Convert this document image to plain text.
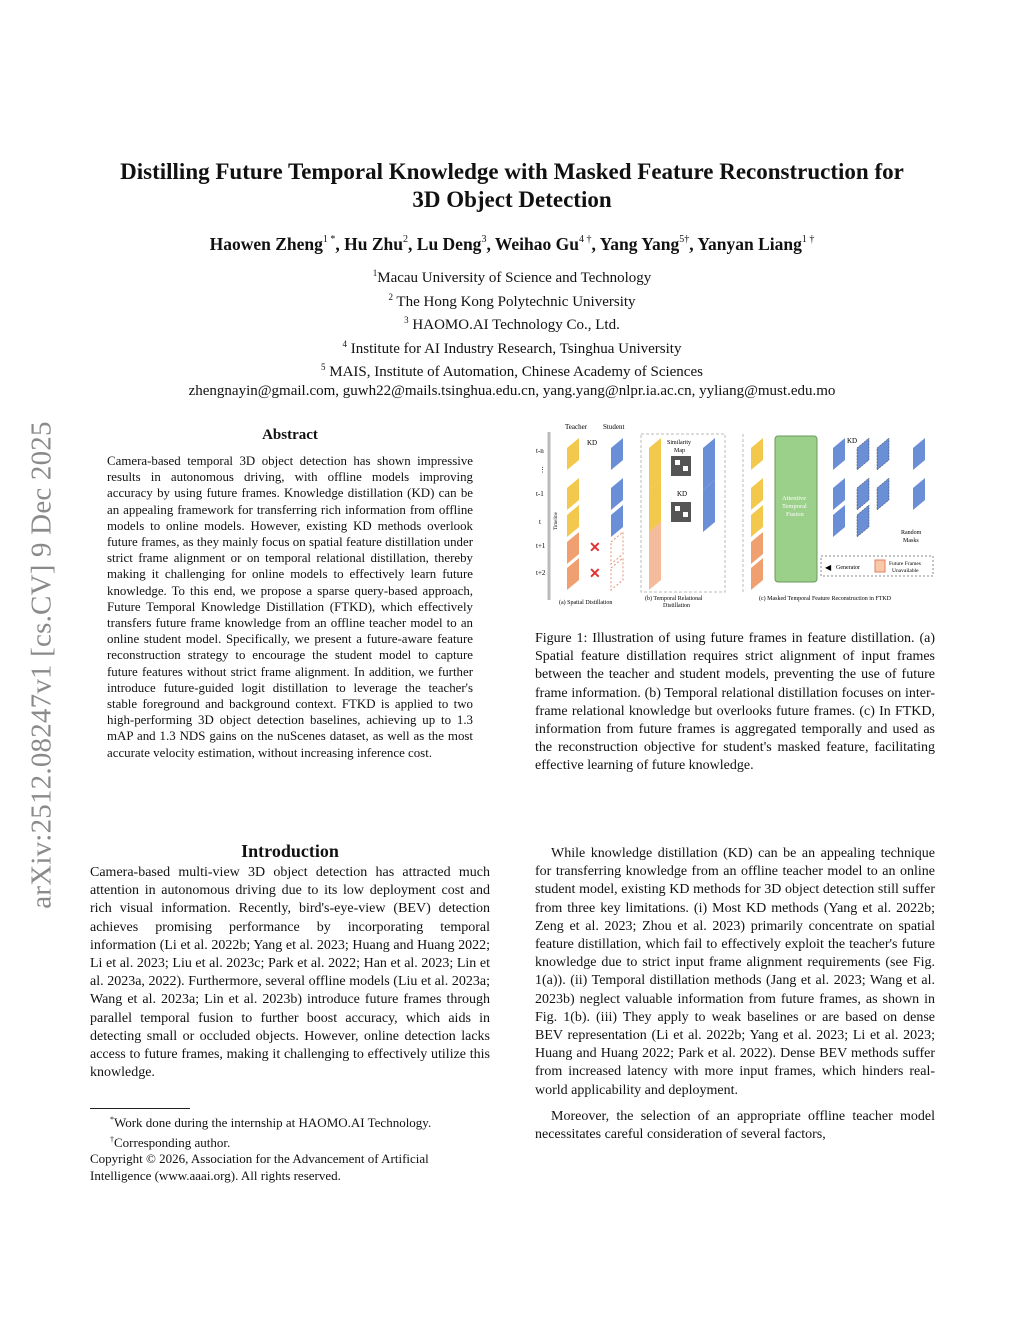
arXiv:2512.08247v1 [cs.CV] 9 Dec 2025
Distilling Future Temporal Knowledge with Masked Feature Reconstruction for
3D Object Detection
Haowen Zheng$^{1 *}$, Hu Zhu$^2$, Lu Deng$^3$, Weihao $Gu^{4 \dagger}$, Yang Yang$^{5\dagger}$, Yanyan Liang$^{1 \dagger}$
$^1$Macau University of Science and Technology
$^2$ The Hong Kong Polytechnic University
$^3$ HAOMO.AI Technology Co., Ltd.
$^4$ Institute for AI Industry Research, Tsinghua University
$^5$ MAIS, Institute of Automation, Chinese Academy of Sciences
zhengnayin@gmail.com, guwh22@mails.tsinghua.edu.cn, yang.yang@nlpr.ia.ac.cn, yyliang@must.edu.mo
Abstract
Camera-based temporal 3D object detection has shown impressive results in autonomous driving, with offline models improving accuracy by using future frames. Knowledge distillation (KD) can be an appealing framework for transferring rich information from offline models to online models. However, existing KD methods overlook future frames, as they mainly focus on spatial feature distillation under strict frame alignment or on temporal relational distillation, thereby making it challenging for online models to effectively learn future knowledge. To this end, we propose a sparse query-based approach, Future Temporal Knowledge Distillation (FTKD), which effectively transfers future frame knowledge from an offline teacher model to an online student model. Specifically, we present a future-aware feature reconstruction strategy to encourage the student model to capture future features without strict frame alignment. In addition, we further introduce future-guided logit distillation to leverage the teacher's stable foreground and background context. FTKD is applied to two high-performing 3D object detection baselines, achieving up to 1.3 mAP and 1.3 NDS gains on the nuScenes dataset, as well as the most accurate velocity estimation, without increasing inference cost.
Introduction
Camera-based multi-view 3D object detection has attracted much attention in autonomous driving due to its low deployment cost and rich visual information. Recently, bird's-eye-view (BEV) detection achieves promising performance by incorporating temporal information (Li et al. 2022b; Yang et al. 2023; Huang and Huang 2022; Li et al. 2023; Liu et al. 2023c; Park et al. 2022; Han et al. 2023; Lin et al. 2023a, 2022). Furthermore, several offline models (Liu et al. 2023a; Wang et al. 2023a; Lin et al. 2023b) introduce future frames through parallel temporal fusion to further boost accuracy, which aids in detecting small or occluded objects. However, online detection lacks access to future frames, making it challenging to effectively utilize this knowledge.

*Work done during the internship at HAOMO.AI Technology.

†Corresponding author.

Copyright © 2026, Association for the Advancement of Artificial Intelligence (www.aaai.org). All rights reserved.

Teacher Student
KD
Timeline
t-n
⋮
t-1
t
t+1
t+2
✕
✕
(a) Spatial Distillation
Similarity
Map
KD
(b) Temporal Relational
Distillation
Attentive
Temporal
Fusion
KD
Random
Masks
◀ Generator
Future Frames
Unavailable
(c) Masked Temporal Feature Reconstruction in FTKD
Figure 1: Illustration of using future frames in feature distillation. (a) Spatial feature distillation requires strict alignment of input frames between the teacher and student models, preventing the use of future frame information. (b) Temporal relational distillation focuses on inter-frame relational knowledge but overlooks future frames. (c) In FTKD, information from future frames is aggregated temporally and used as the reconstruction objective for student's masked feature, facilitating effective learning of future knowledge.

While knowledge distillation (KD) can be an appealing technique for transferring knowledge from an offline teacher model to an online student model, existing KD methods for 3D object detection still suffer from three key limitations. (i) Most KD methods (Yang et al. 2022b; Zeng et al. 2023; Zhou et al. 2023) primarily concentrate on spatial feature distillation, which fail to effectively exploit the teacher's future knowledge due to strict input frame alignment requirements (see Fig. 1(a)). (ii) Temporal distillation methods (Jang et al. 2023; Wang et al. 2023b) neglect valuable information from future frames, as shown in Fig. 1(b). (iii) They apply to weak baselines or are based on dense BEV representation (Li et al. 2022b; Yang et al. 2023; Li et al. 2023; Huang and Huang 2022; Park et al. 2022). Dense BEV methods suffer from increased latency with more input frames, which hinders real-world applicability and deployment.

Moreover, the selection of an appropriate offline teacher model necessitates careful consideration of several factors,
